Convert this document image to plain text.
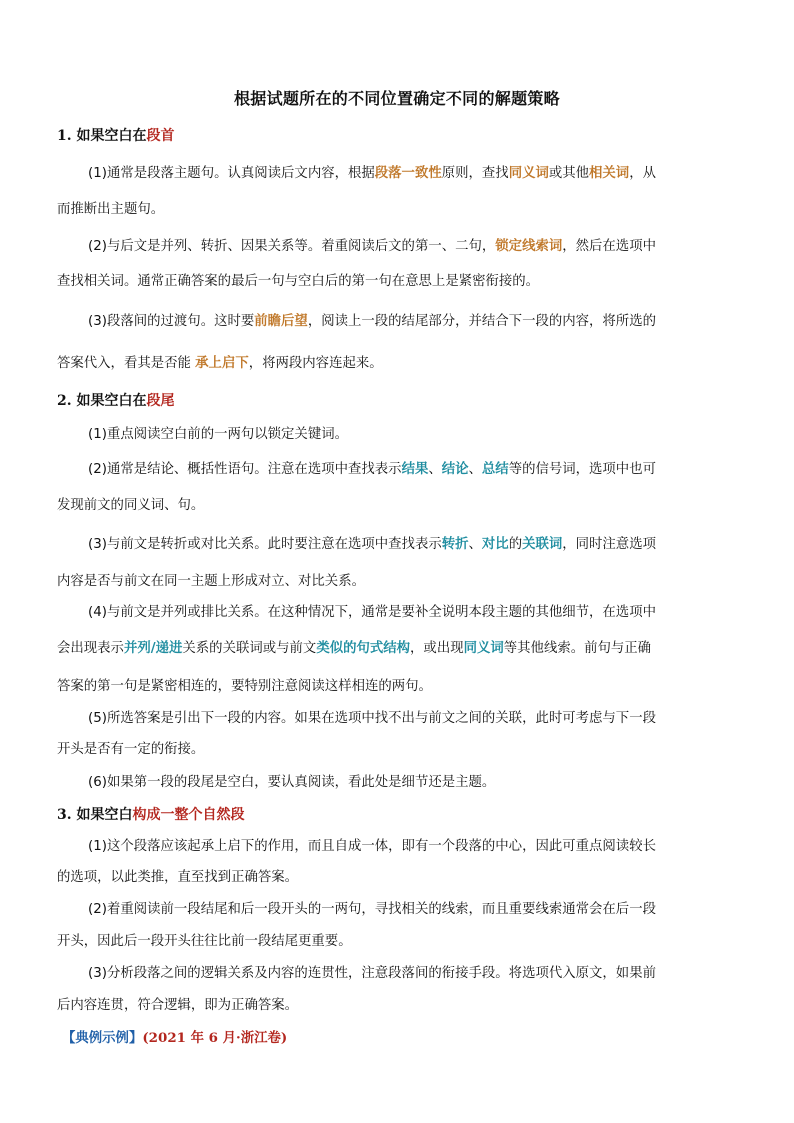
根据试题所在的不同位置确定不同的解题策略
1. 如果空白在段首
(1)通常是段落主题句。认真阅读后文内容，根据段落一致性原则，查找同义词或其他相关词，从
而推断出主题句。
(2)与后文是并列、转折、因果关系等。着重阅读后文的第一、二句，锁定线索词，然后在选项中
查找相关词。通常正确答案的最后一句与空白后的第一句在意思上是紧密衔接的。
(3)段落间的过渡句。这时要前瞻后望，阅读上一段的结尾部分，并结合下一段的内容，将所选的
答案代入，看其是否能 承上启下，将两段内容连起来。
2. 如果空白在段尾
(1)重点阅读空白前的一两句以锁定关键词。
(2)通常是结论、概括性语句。注意在选项中查找表示结果、结论、总结等的信号词，选项中也可
发现前文的同义词、句。
(3)与前文是转折或对比关系。此时要注意在选项中查找表示转折、对比的关联词，同时注意选项
内容是否与前文在同一主题上形成对立、对比关系。
(4)与前文是并列或排比关系。在这种情况下，通常是要补全说明本段主题的其他细节，在选项中
会出现表示并列/递进关系的关联词或与前文类似的句式结构，或出现同义词等其他线索。前句与正确
答案的第一句是紧密相连的，要特别注意阅读这样相连的两句。
(5)所选答案是引出下一段的内容。如果在选项中找不出与前文之间的关联，此时可考虑与下一段
开头是否有一定的衔接。
(6)如果第一段的段尾是空白，要认真阅读，看此处是细节还是主题。
3. 如果空白构成一整个自然段
(1)这个段落应该起承上启下的作用，而且自成一体，即有一个段落的中心，因此可重点阅读较长
的选项，以此类推，直至找到正确答案。
(2)着重阅读前一段结尾和后一段开头的一两句，寻找相关的线索，而且重要线索通常会在后一段
开头，因此后一段开头往往比前一段结尾更重要。
(3)分析段落之间的逻辑关系及内容的连贯性，注意段落间的衔接手段。将选项代入原文，如果前
后内容连贯，符合逻辑，即为正确答案。
【典例示例】(2021 年 6 月·浙江卷)
